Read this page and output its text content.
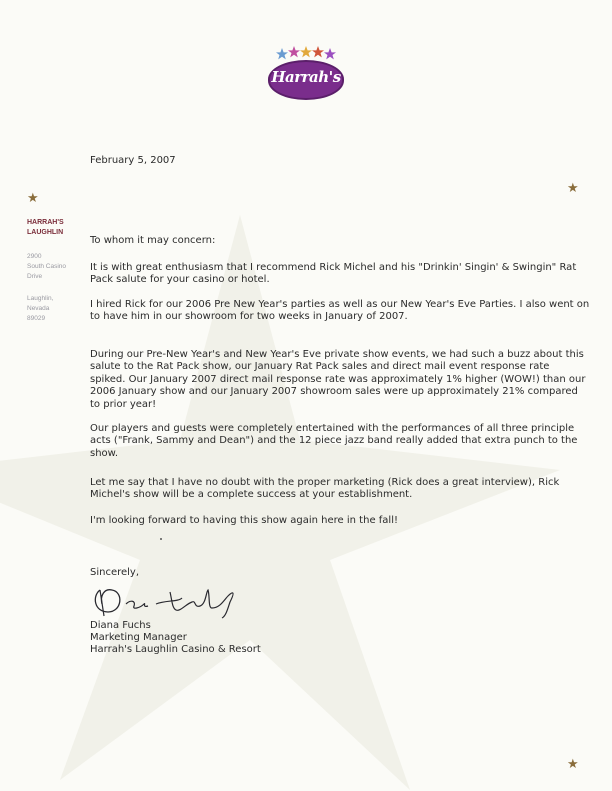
Harrah's
★
★
★
HARRAH'S
LAUGHLIN
2900
South Casino
Drive
Laughlin,
Nevada
89029
February 5, 2007
To whom it may concern:
It is with great enthusiasm that I recommend Rick Michel and his "Drinkin' Singin' & Swingin" Rat Pack salute for your casino or hotel.
I hired Rick for our 2006 Pre New Year's parties as well as our New Year's Eve Parties. I also went on to have him in our showroom for two weeks in January of 2007.
During our Pre-New Year's and New Year's Eve private show events, we had such a buzz about this salute to the Rat Pack show, our January Rat Pack sales and direct mail event response rate spiked. Our January 2007 direct mail response rate was approximately 1% higher (WOW!) than our 2006 January show and our January 2007 showroom sales were up approximately 21% compared to prior year!
Our players and guests were completely entertained with the performances of all three principle acts ("Frank, Sammy and Dean") and the 12 piece jazz band really added that extra punch to the show.
Let me say that I have no doubt with the proper marketing (Rick does a great interview), Rick Michel's show will be a complete success at your establishment.
I'm looking forward to having this show again here in the fall!
Sincerely,
Diana Fuchs
Marketing Manager
Harrah's Laughlin Casino & Resort
